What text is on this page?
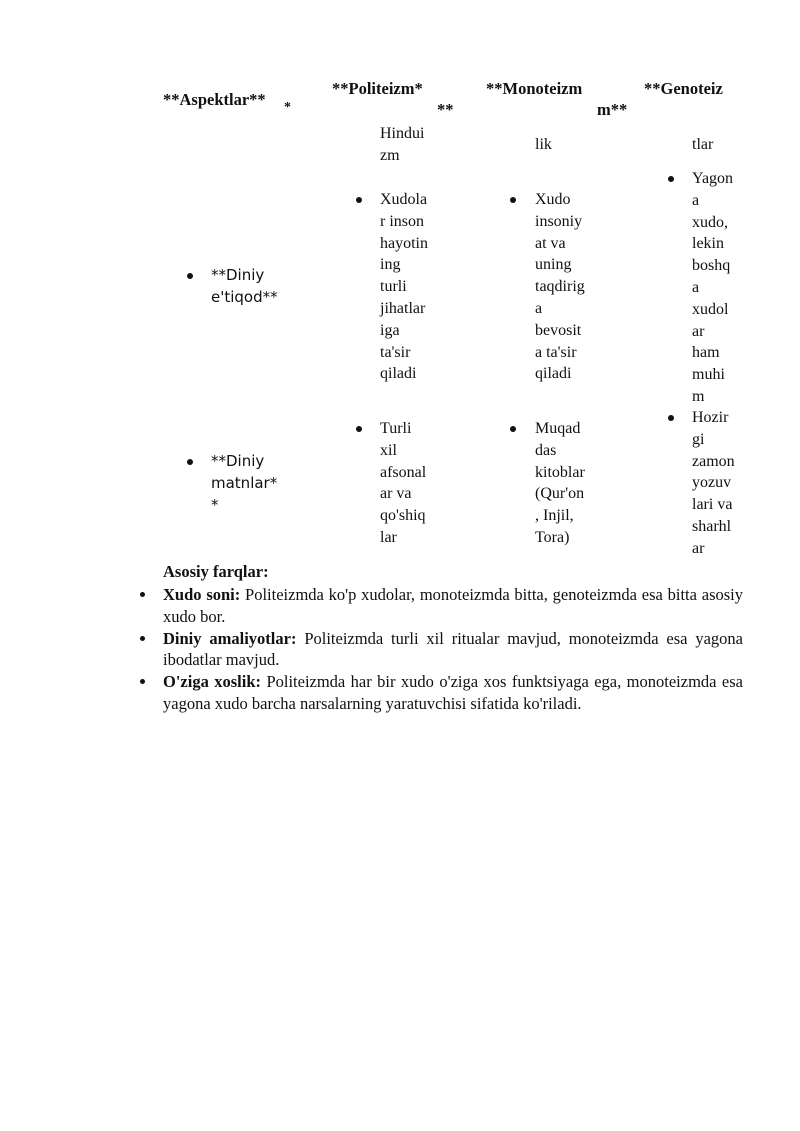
**Aspektlar** *
**Politeizm*
**
**Monoteizm
m**
**Genoteiz
Hindui
zm
lik	tlar
**Diniy
e'tiqod**
Xudola
r inson
hayotin
ing
turli
jihatlar
iga
ta'sir
qiladi
Xudo
insoniy
at va
uning
taqdirig
a
bevosit
a ta'sir
qiladi
Yagon
a
xudo,
lekin
boshq
a
xudol
ar
ham
muhi
m
**Diniy
matnlar*
*
Turli
xil
afsonal
ar va
qo'shiq
lar
Muqad
das
kitoblar
(Qur'on
, Injil,
Tora)
Hozir
gi
zamon
yozuv
lari va
sharhl
ar
Asosiy farqlar:
Xudo soni: Politeizmda ko'p xudolar, monoteizmda bitta, genoteizmda esa bitta asosiy xudo bor.
Diniy amaliyotlar: Politeizmda turli xil ritualar mavjud, monoteizmda esa yagona ibodatlar mavjud.
O'ziga xoslik: Politeizmda har bir xudo o'ziga xos funktsiyaga ega, monoteizmda esa yagona xudo barcha narsalarning yaratuvchisi sifatida ko'riladi.
